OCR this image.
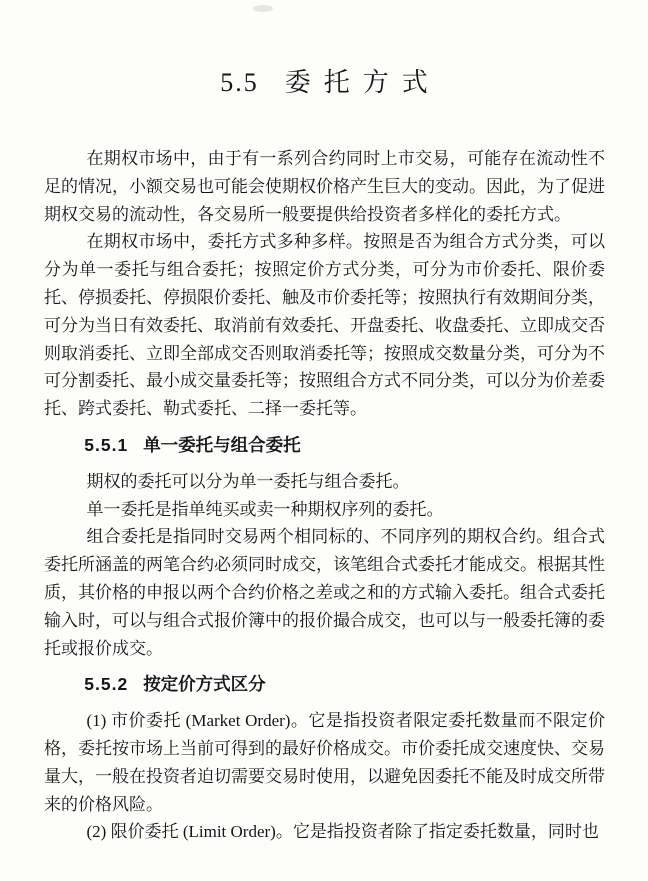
5.5 委托方式

在期权市场中，由于有一系列合约同时上市交易，可能存在流动性不足的情况，小额交易也可能会使期权价格产生巨大的变动。因此，为了促进期权交易的流动性，各交易所一般要提供给投资者多样化的委托方式。

在期权市场中，委托方式多种多样。按照是否为组合方式分类，可以分为单一委托与组合委托；按照定价方式分类，可分为市价委托、限价委托、停损委托、停损限价委托、触及市价委托等；按照执行有效期间分类，可分为当日有效委托、取消前有效委托、开盘委托、收盘委托、立即成交否则取消委托、立即全部成交否则取消委托等；按照成交数量分类，可分为不可分割委托、最小成交量委托等；按照组合方式不同分类，可以分为价差委托、跨式委托、勒式委托、二择一委托等。

5.5.1 单一委托与组合委托

期权的委托可以分为单一委托与组合委托。

单一委托是指单纯买或卖一种期权序列的委托。

组合委托是指同时交易两个相同标的、不同序列的期权合约。组合式委托所涵盖的两笔合约必须同时成交，该笔组合式委托才能成交。根据其性质，其价格的申报以两个合约价格之差或之和的方式输入委托。组合式委托输入时，可以与组合式报价簿中的报价撮合成交，也可以与一般委托簿的委托或报价成交。

5.5.2 按定价方式区分

(1) 市价委托 (Market Order)。它是指投资者限定委托数量而不限定价格，委托按市场上当前可得到的最好价格成交。市价委托成交速度快、交易量大，一般在投资者迫切需要交易时使用，以避免因委托不能及时成交所带来的价格风险。

(2) 限价委托 (Limit Order)。它是指投资者除了指定委托数量，同时也
